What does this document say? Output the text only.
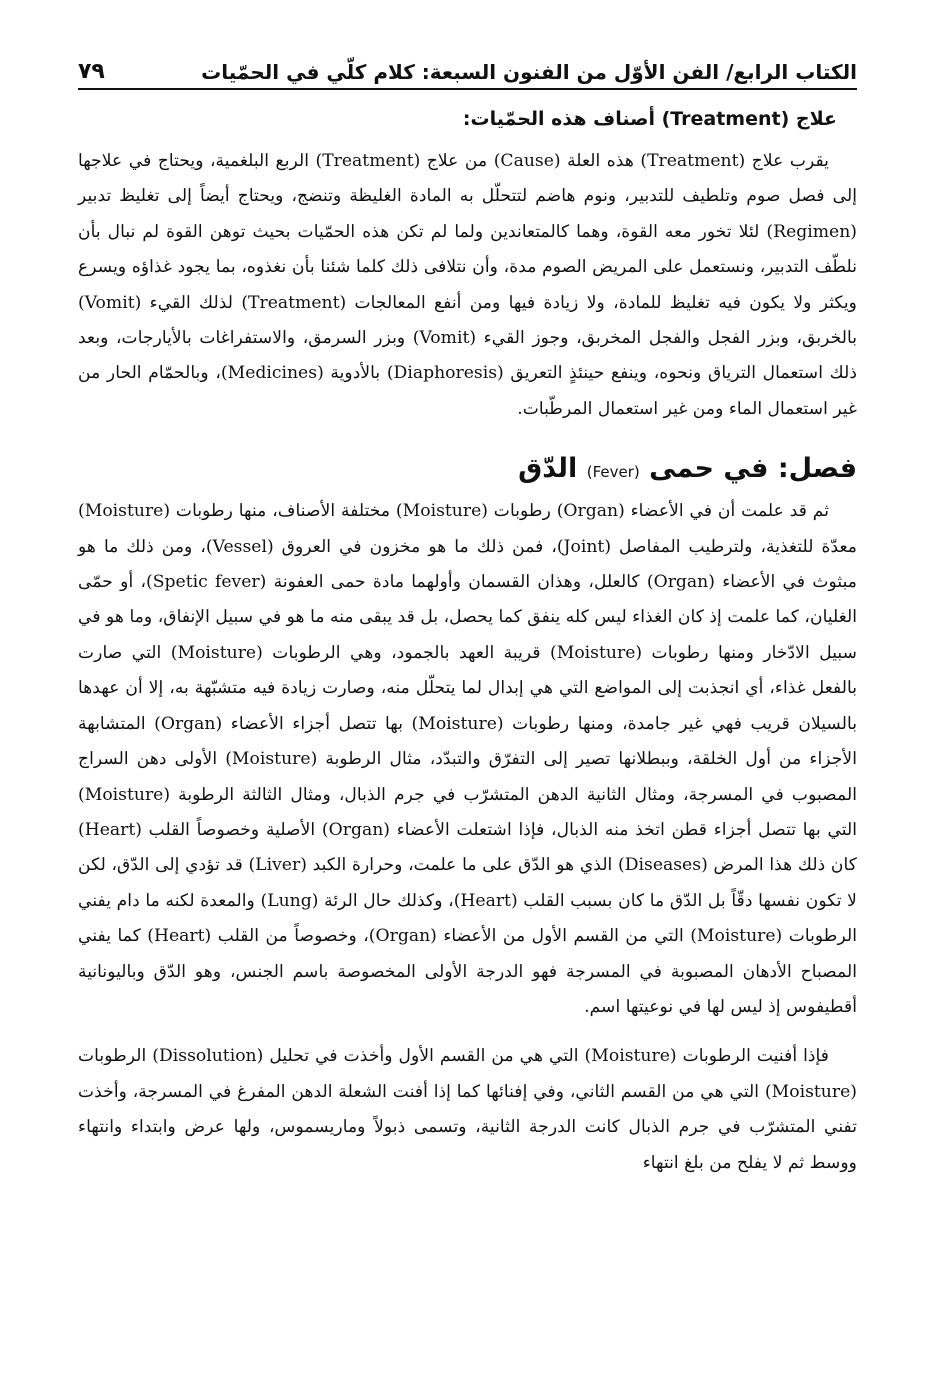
الكتاب الرابع/ الفن الأوّل من الفنون السبعة: كلام كلّي في الحمّيات
٧٩
علاج (Treatment) أصناف هذه الحمّيات:

يقرب علاج (Treatment) هذه العلة (Cause) من علاج (Treatment) الربع البلغمية، ويحتاج في علاجها إلى فصل صوم وتلطيف للتدبير، ونوم هاضم لتتحلّل به المادة الغليظة وتنضج، ويحتاج أيضاً إلى تغليظ تدبير (Regimen) لئلا تخور معه القوة، وهما كالمتعاندين ولما لم تكن هذه الحمّيات بحيث توهن القوة لم نبال بأن نلطّف التدبير، ونستعمل على المريض الصوم مدة، وأن نتلافى ذلك كلما شئنا بأن نغذوه، بما يجود غذاؤه ويسرع ويكثر ولا يكون فيه تغليظ للمادة، ولا زيادة فيها ومن أنفع المعالجات (Treatment) لذلك القيء (Vomit) بالخربق، وبزر الفجل والفجل المخربق، وجوز القيء (Vomit) وبزر السرمق، والاستفراغات بالأيارجات، وبعد ذلك استعمال الترياق ونحوه، وينفع حينئذٍ التعريق (Diaphoresis) بالأدوية (Medicines)، وبالحمّام الحار من غير استعمال الماء ومن غير استعمال المرطّبات.

فصل: في حمى (Fever) الدّق

ثم قد علمت أن في الأعضاء (Organ) رطوبات (Moisture) مختلفة الأصناف، منها رطوبات (Moisture) معدّة للتغذية، ولترطيب المفاصل (Joint)، فمن ذلك ما هو مخزون في العروق (Vessel)، ومن ذلك ما هو مبثوث في الأعضاء (Organ) كالعلل، وهذان القسمان وأولهما مادة حمى العفونة (Spetic fever)، أو حمّى الغليان، كما علمت إذ كان الغذاء ليس كله ينفق كما يحصل، بل قد يبقى منه ما هو في سبيل الإنفاق، وما هو في سبيل الادّخار ومنها رطوبات (Moisture) قريبة العهد بالجمود، وهي الرطوبات (Moisture) التي صارت بالفعل غذاء، أي انجذبت إلى المواضع التي هي إبدال لما يتحلّل منه، وصارت زيادة فيه متشبّهة به، إلا أن عهدها بالسيلان قريب فهي غير جامدة، ومنها رطوبات (Moisture) بها تتصل أجزاء الأعضاء (Organ) المتشابهة الأجزاء من أول الخلقة، وببطلانها تصير إلى التفرّق والتبدّد، مثال الرطوبة (Moisture) الأولى دهن السراج المصبوب في المسرجة، ومثال الثانية الدهن المتشرّب في جرم الذبال، ومثال الثالثة الرطوبة (Moisture) التي بها تتصل أجزاء قطن اتخذ منه الذبال، فإذا اشتعلت الأعضاء (Organ) الأصلية وخصوصاً القلب (Heart) كان ذلك هذا المرض (Diseases) الذي هو الدّق على ما علمت، وحرارة الكبد (Liver) قد تؤدي إلى الدّق، لكن لا تكون نفسها دقّاً بل الدّق ما كان بسبب القلب (Heart)، وكذلك حال الرئة (Lung) والمعدة لكنه ما دام يفني الرطوبات (Moisture) التي من القسم الأول من الأعضاء (Organ)، وخصوصاً من القلب (Heart) كما يفني المصباح الأدهان المصبوبة في المسرجة فهو الدرجة الأولى المخصوصة باسم الجنس، وهو الدّق وباليونانية أقطيفوس إذ ليس لها في نوعيتها اسم.

فإذا أفنيت الرطوبات (Moisture) التي هي من القسم الأول وأخذت في تحليل (Dissolution) الرطوبات (Moisture) التي هي من القسم الثاني، وفي إفنائها كما إذا أفنت الشعلة الدهن المفرغ في المسرجة، وأخذت تفني المتشرّب في جرم الذبال كانت الدرجة الثانية، وتسمى ذبولاً وماريسموس، ولها عرض وابتداء وانتهاء ووسط ثم لا يفلح من بلغ انتهاء
